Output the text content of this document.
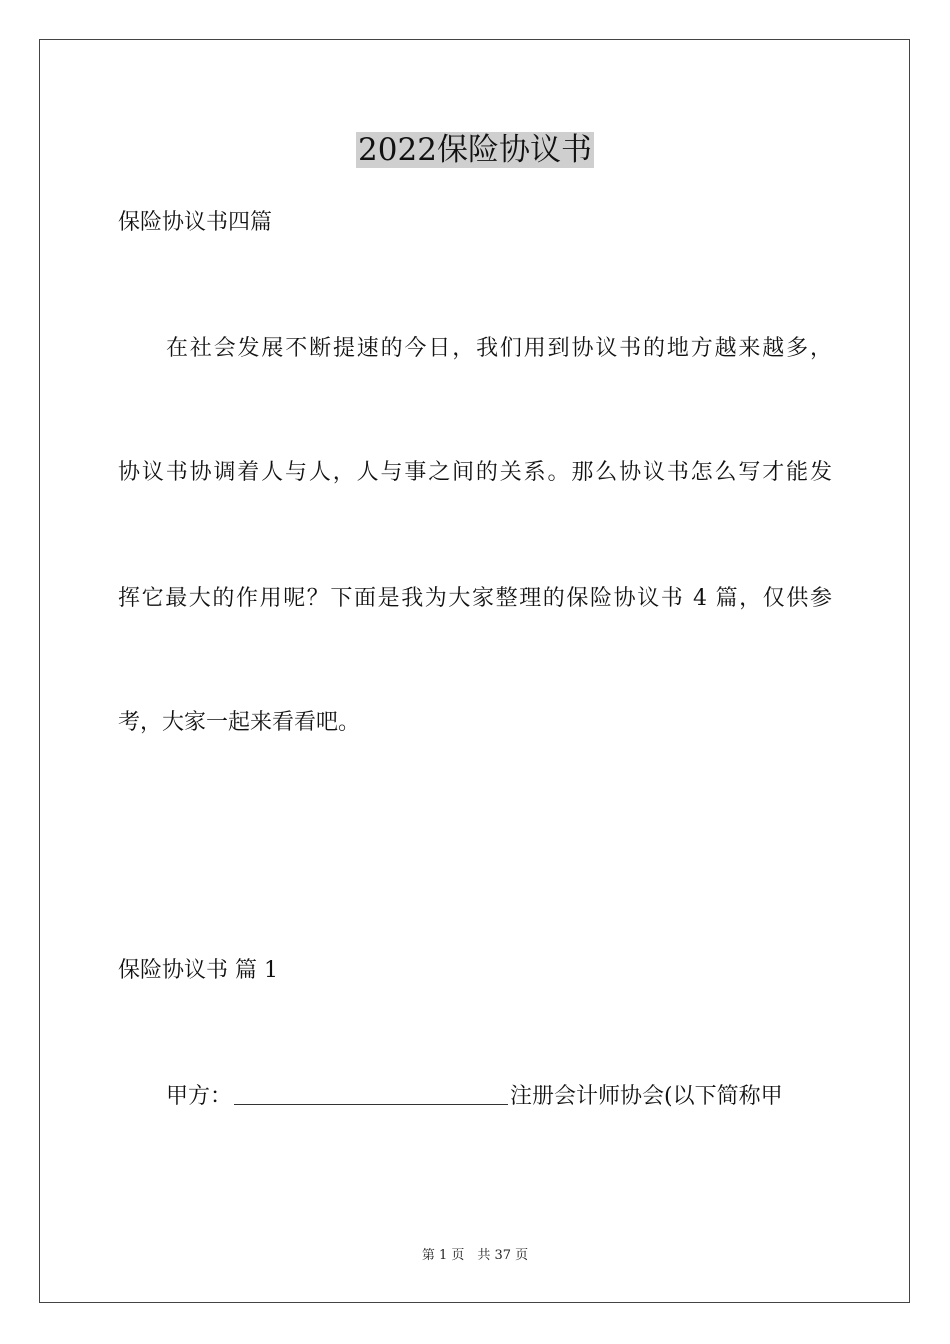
2022保险协议书
保险协议书四篇
在社会发展不断提速的今日，我们用到协议书的地方越来越多，
协议书协调着人与人，人与事之间的关系。那么协议书怎么写才能发
挥它最大的作用呢？下面是我为大家整理的保险协议书 4 篇，仅供参
考，大家一起来看看吧。
保险协议书 篇 1
甲方：	注册会计师协会(以下简称甲
第 1 页　共 37 页
